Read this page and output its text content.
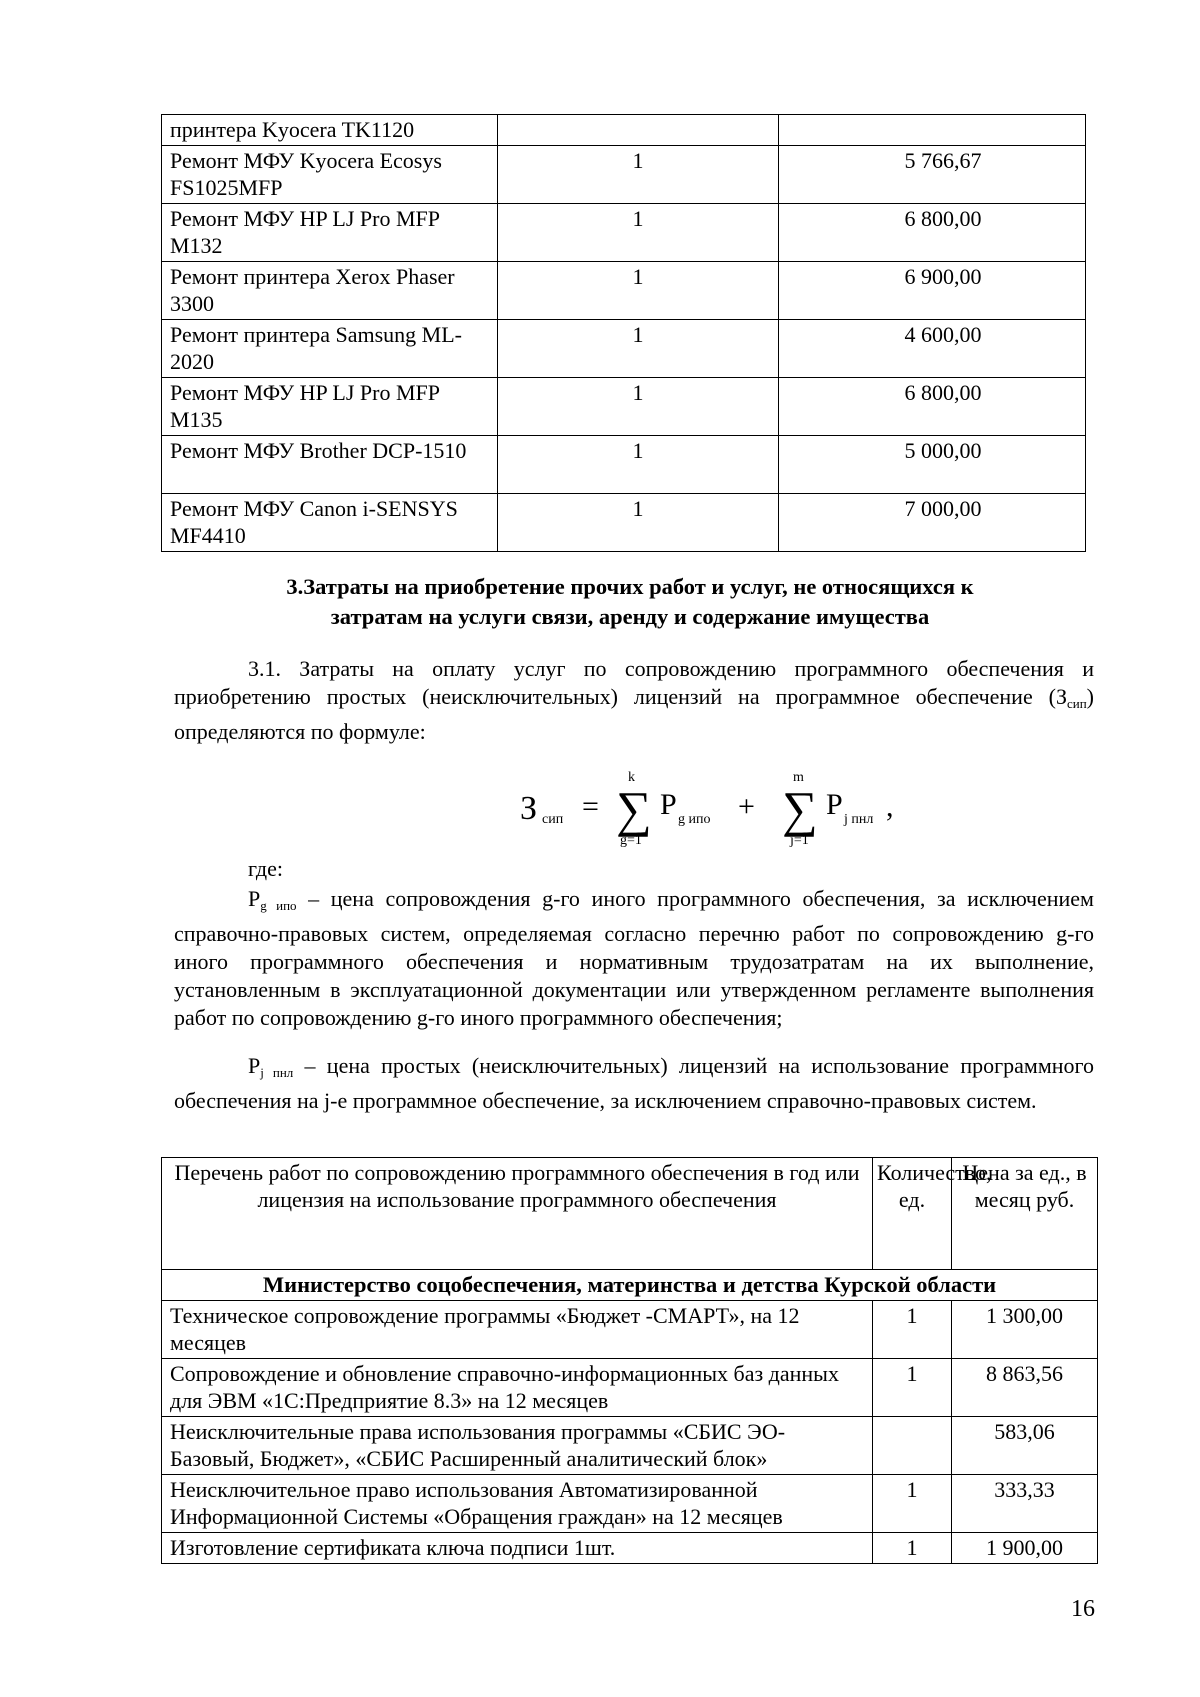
принтера Kyocera TK1120		
Ремонт МФУ Kyocera Ecosys FS1025MFP	1	5 766,67
Ремонт МФУ HP LJ Pro MFP M132	1	6 800,00
Ремонт принтера Xerox Phaser 3300	1	6 900,00
Ремонт принтера Samsung ML-2020	1	4 600,00
Ремонт МФУ HP LJ Pro MFP M135	1	6 800,00
Ремонт МФУ Brother DCP-1510	1	5 000,00
Ремонт МФУ Canon i-SENSYS MF4410	1	7 000,00
3.Затраты на приобретение прочих работ и услуг, не относящихся к
затратам на услуги связи, аренду и содержание имущества
3.1. Затраты на оплату услуг по сопровождению программного обеспечения и приобретению простых (неисключительных) лицензий на программное обеспечение $(З_{сип})$ определяются по формуле:
З сип =
k
∑
g=1
P g ипо +
m
∑
j=1
P j пнл ,
где:
$P_{g ипо}$ – цена сопровождения g-го иного программного обеспечения, за исключением справочно-правовых систем, определяемая согласно перечню работ по сопровождению g-го иного программного обеспечения и нормативным трудозатратам на их выполнение, установленным в эксплуатационной документации или утвержденном регламенте выполнения работ по сопровождению g-го иного программного обеспечения;
$P_{j пнл}$ – цена простых (неисключительных) лицензий на использование программного обеспечения на j-е программное обеспечение, за исключением справочно-правовых систем.
Перечень работ по сопровождению программного обеспечения в год или лицензия на использование программного обеспечения	Количество, ед.	Цена за ед., в месяц руб.
Министерство соцобеспечения, материнства и детства Курской области		
Техническое сопровождение программы «Бюджет -СМАРТ», на 12 месяцев	1	1 300,00
Сопровождение и обновление справочно-информационных баз данных для ЭВМ «1С:Предприятие 8.3» на 12 месяцев	1	8 863,56
Неисключительные права использования программы «СБИС ЭО-Базовый, Бюджет», «СБИС Расширенный аналитический блок»		583,06
Неисключительное право использования Автоматизированной Информационной Системы «Обращения граждан» на 12 месяцев	1	333,33
Изготовление сертификата ключа подписи 1шт.	1	1 900,00
16
